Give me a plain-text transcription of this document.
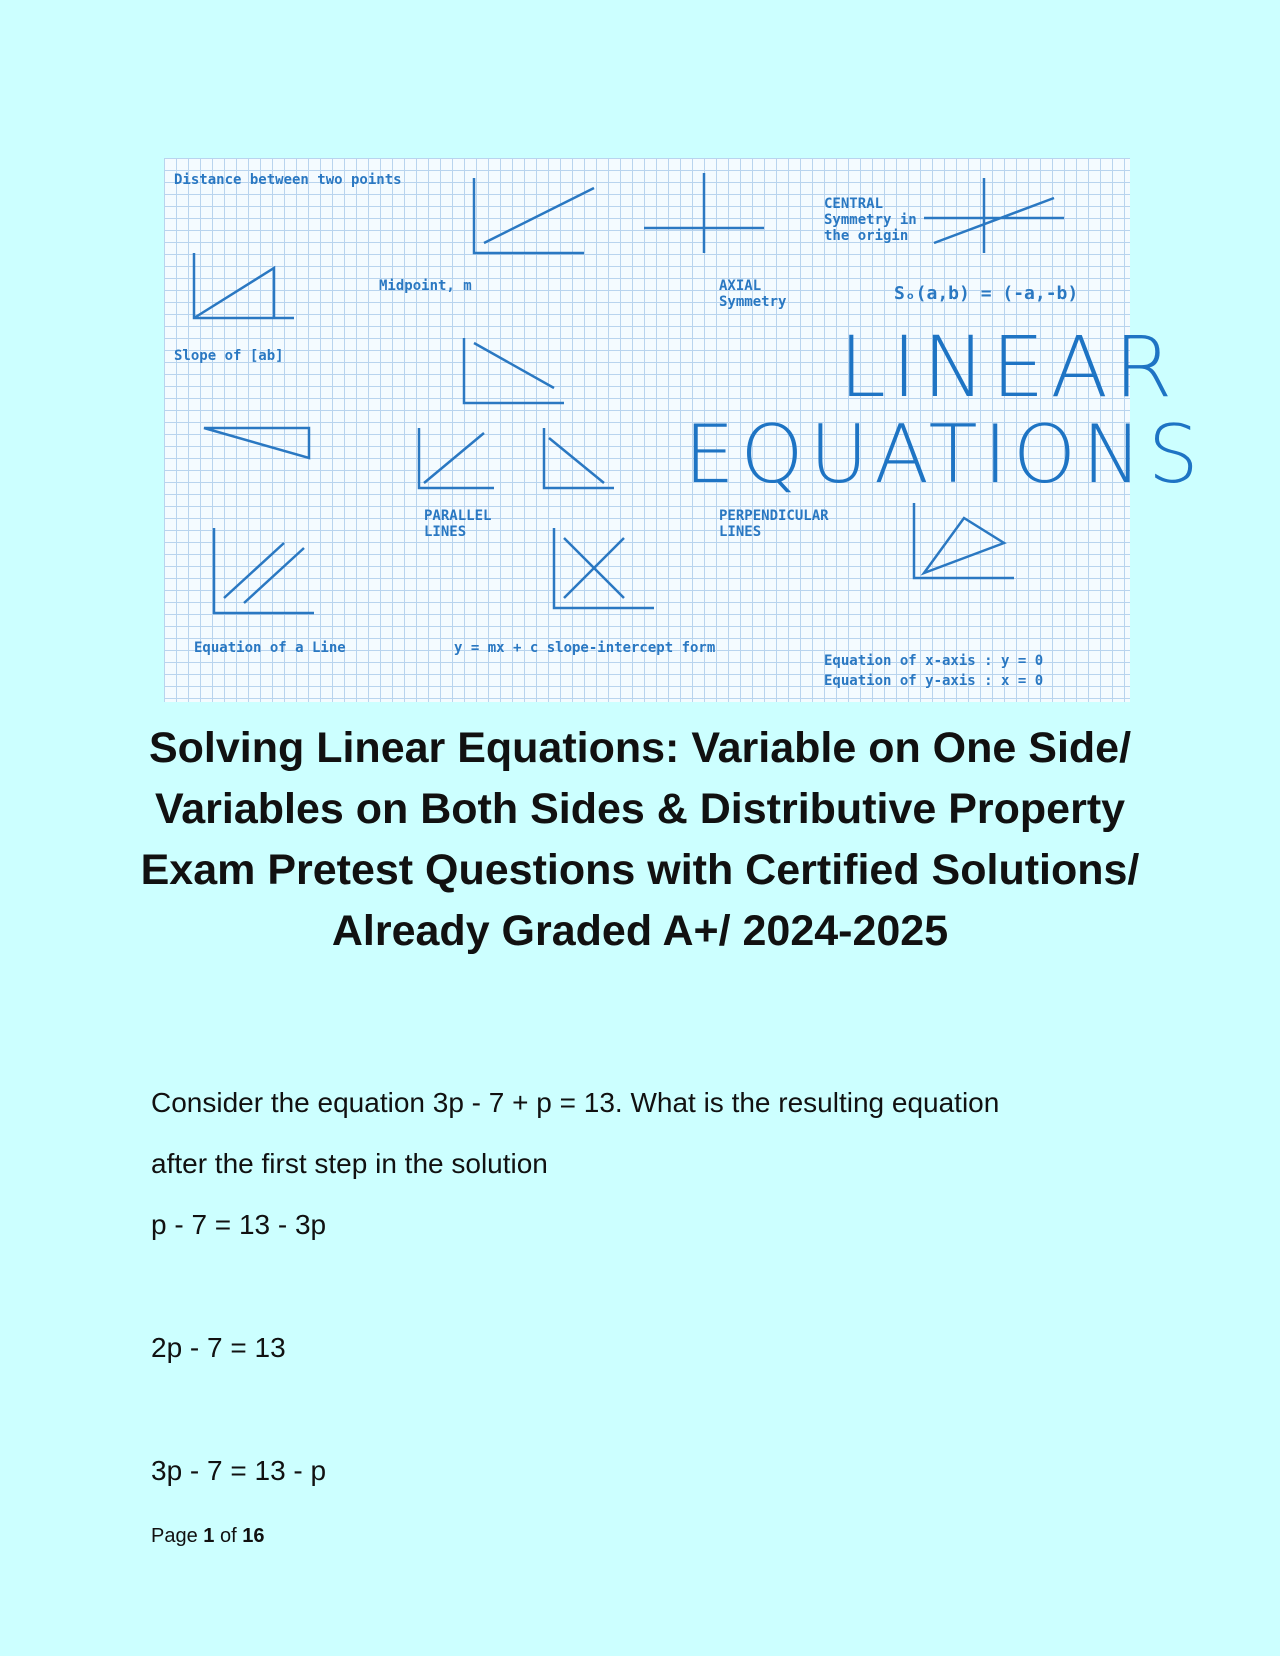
Distance between two points
Midpoint, m
Slope of [ab]
CENTRAL Symmetry in the origin
AXIAL Symmetry
PARALLEL LINES
PERPENDICULAR LINES
Equation of a Line	y = mx + c slope-intercept form
Equation of x-axis : y = 0
Equation of y-axis : x = 0
Sₒ(a,b) = (-a,-b)
LINEAR
EQUATIONS
Solving Linear Equations: Variable on One Side/ Variables on Both Sides & Distributive Property Exam Pretest Questions with Certified Solutions/ Already Graded A+/ 2024-2025
Consider the equation 3p - 7 + p = 13. What is the resulting equation
after the first step in the solution
p - 7 = 13 - 3p
2p - 7 = 13
3p - 7 = 13 - p
Page 1 of 16
